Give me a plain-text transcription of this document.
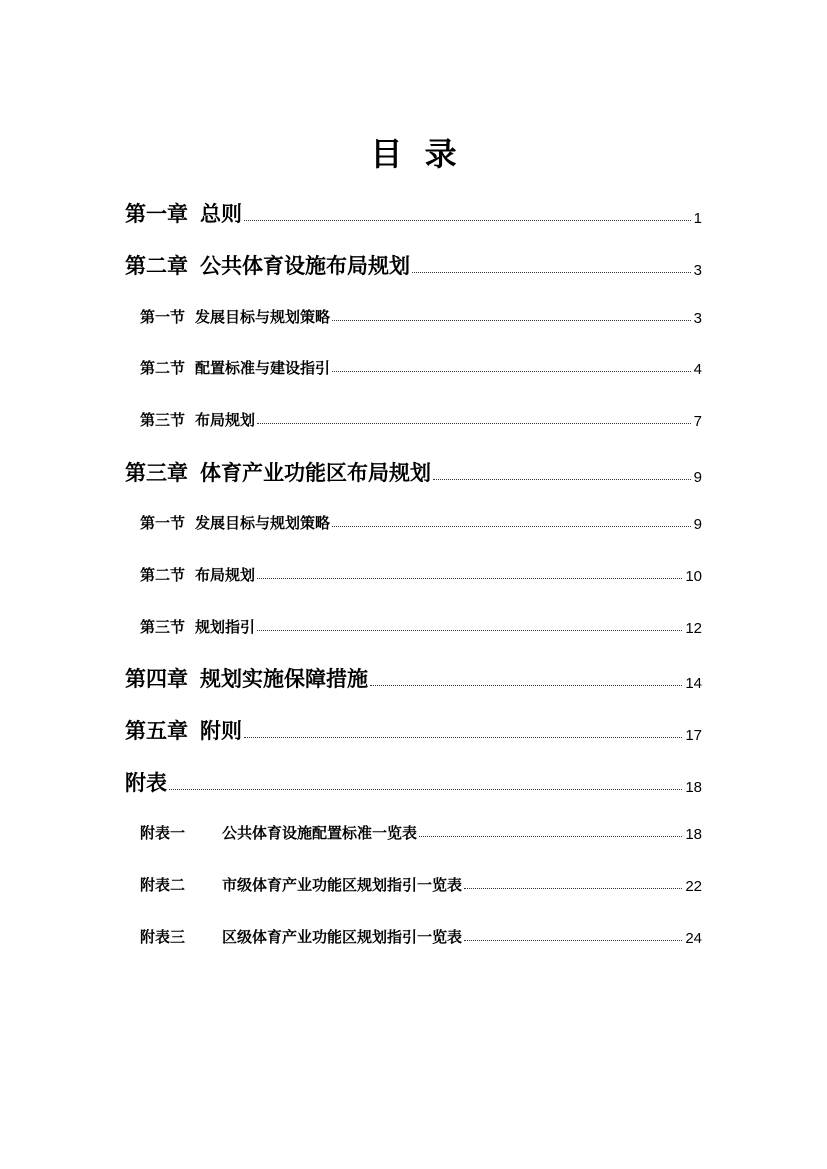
目  录
第一章 总则	1
第二章 公共体育设施布局规划	3
第一节 发展目标与规划策略	3
第二节 配置标准与建设指引	4
第三节 布局规划	7
第三章 体育产业功能区布局规划	9
第一节 发展目标与规划策略	9
第二节 布局规划	10
第三节 规划指引	12
第四章 规划实施保障措施	14
第五章 附则	17
附表	18
附表一 公共体育设施配置标准一览表	18
附表二 市级体育产业功能区规划指引一览表	22
附表三 区级体育产业功能区规划指引一览表	24
